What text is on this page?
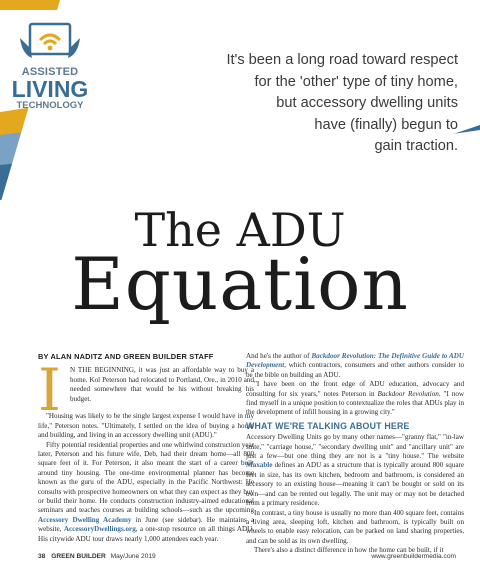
ASSISTED
LIVING
TECHNOLOGY
It's been a long road toward respect
for the 'other' type of tiny home,
but accessory dwelling units
have (finally) begun to
gain traction.
The ADU
Equation
BY ALAN NADITZ AND GREEN BUILDER STAFF
I N THE BEGINNING, it was just an affordable way to buy a home. Kol Peterson had relocated to Portland, Ore., in 2010 and needed somewhere that would be his without breaking his budget.

"Housing was likely to be the single largest expense I would have in my life," Peterson notes. "Ultimately, I settled on the idea of buying a house and building, and living in an accessory dwelling unit (ADU)."

Fifty potential residential properties and one whirlwind construction year later, Peterson and his future wife, Deb, had their dream home—all 800 square feet of it. For Peterson, it also meant the start of a career built around tiny housing. The one-time environmental planner has become known as the guru of the ADU, especially in the Pacific Northwest: He consults with prospective homeowners on what they can expect as they buy or build their home. He conducts construction industry-aimed educational seminars and teaches courses at building schools—such as the upcoming Accessory Dwelling Academy in June (see sidebar). He maintains a website, AccessoryDwellings.org, a one-stop resource on all things ADU. His citywide ADU tour draws nearly 1,000 attendees each year.

And he's the author of Backdoor Revolution: The Definitive Guide to ADU Development, which contractors, consumers and other authors consider to be the bible on building an ADU.

"I have been on the front edge of ADU education, advocacy and consulting for six years," notes Peterson in Backdoor Revolution. "I now find myself in a unique position to contextualize the roles that ADUs play in the development of infill housing in a growing city."

WHAT WE'RE TALKING ABOUT HERE

Accessory Dwelling Units go by many other names—"granny flat," "in-law suite," "carriage house," "secondary dwelling unit" and "ancillary unit" are just a few—but one thing they are not is a "tiny house." The website Maxable defines an ADU as a structure that is typically around 800 square feet in size, has its own kitchen, bedroom and bathroom, is considered an accessory to an existing house—meaning it can't be bought or sold on its own—and can be rented out legally. The unit may or may not be detached from a primary residence.

In contrast, a tiny house is usually no more than 400 square feet, contains a living area, sleeping loft, kitchen and bathroom, is typically built on wheels to enable easy relocation, can be parked on land sharing properties, and can be sold as its own dwelling.

There's also a distinct difference in how the home can be built, if it

38 GREEN BUILDER May/June 2019	www.greenbuildermedia.com
